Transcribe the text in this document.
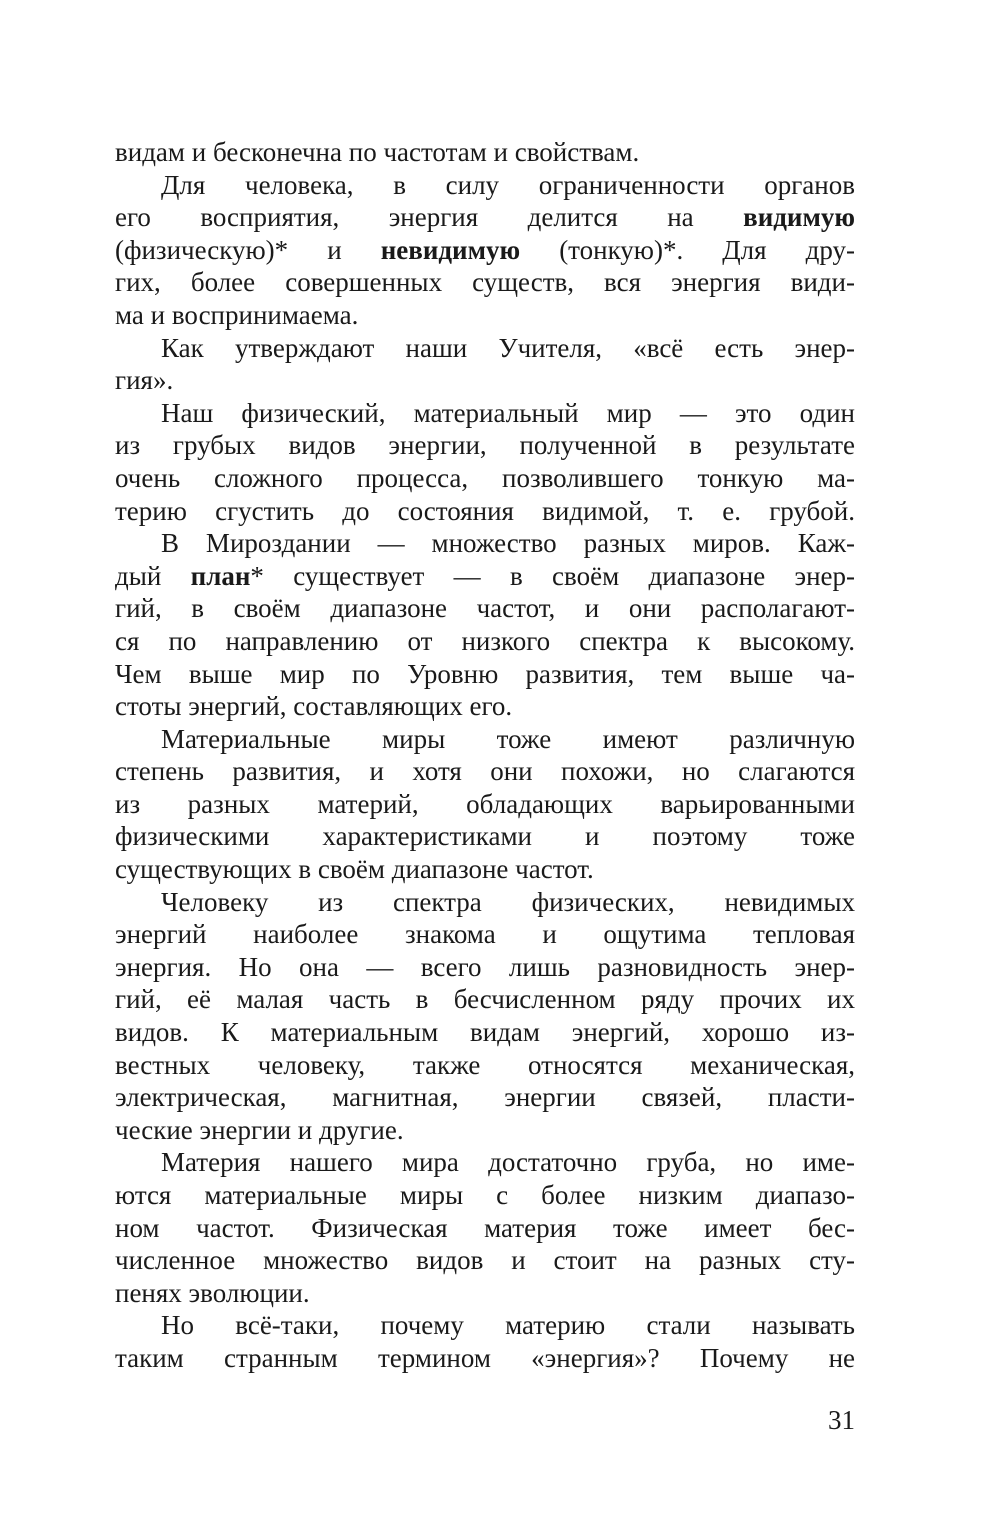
видам и бесконечна по частотам и свойствам.
Для человека, в силу ограниченности органов
его восприятия, энергия делится на видимую
(физическую)* и невидимую (тонкую)*. Для дру-
гих, более совершенных существ, вся энергия види-
ма и воспринимаема.
Как утверждают наши Учителя, «всё есть энер-
гия».
Наш физический, материальный мир — это один
из грубых видов энергии, полученной в результате
очень сложного процесса, позволившего тонкую ма-
терию сгустить до состояния видимой, т. е. грубой.
В Мироздании — множество разных миров. Каж-
дый план* существует — в своём диапазоне энер-
гий, в своём диапазоне частот, и они располагают-
ся по направлению от низкого спектра к высокому.
Чем выше мир по Уровню развития, тем выше ча-
стоты энергий, составляющих его.
Материальные миры тоже имеют различную
степень развития, и хотя они похожи, но слагаются
из разных материй, обладающих варьированными
физическими характеристиками и поэтому тоже
существующих в своём диапазоне частот.
Человеку из спектра физических, невидимых
энергий наиболее знакома и ощутима тепловая
энергия. Но она — всего лишь разновидность энер-
гий, её малая часть в бесчисленном ряду прочих их
видов. К материальным видам энергий, хорошо из-
вестных человеку, также относятся механическая,
электрическая, магнитная, энергии связей, пласти-
ческие энергии и другие.
Материя нашего мира достаточно груба, но име-
ются материальные миры с более низким диапазо-
ном частот. Физическая материя тоже имеет бес-
численное множество видов и стоит на разных сту-
пенях эволюции.
Но всё-таки, почему материю стали называть
таким странным термином «энергия»? Почему не
31
